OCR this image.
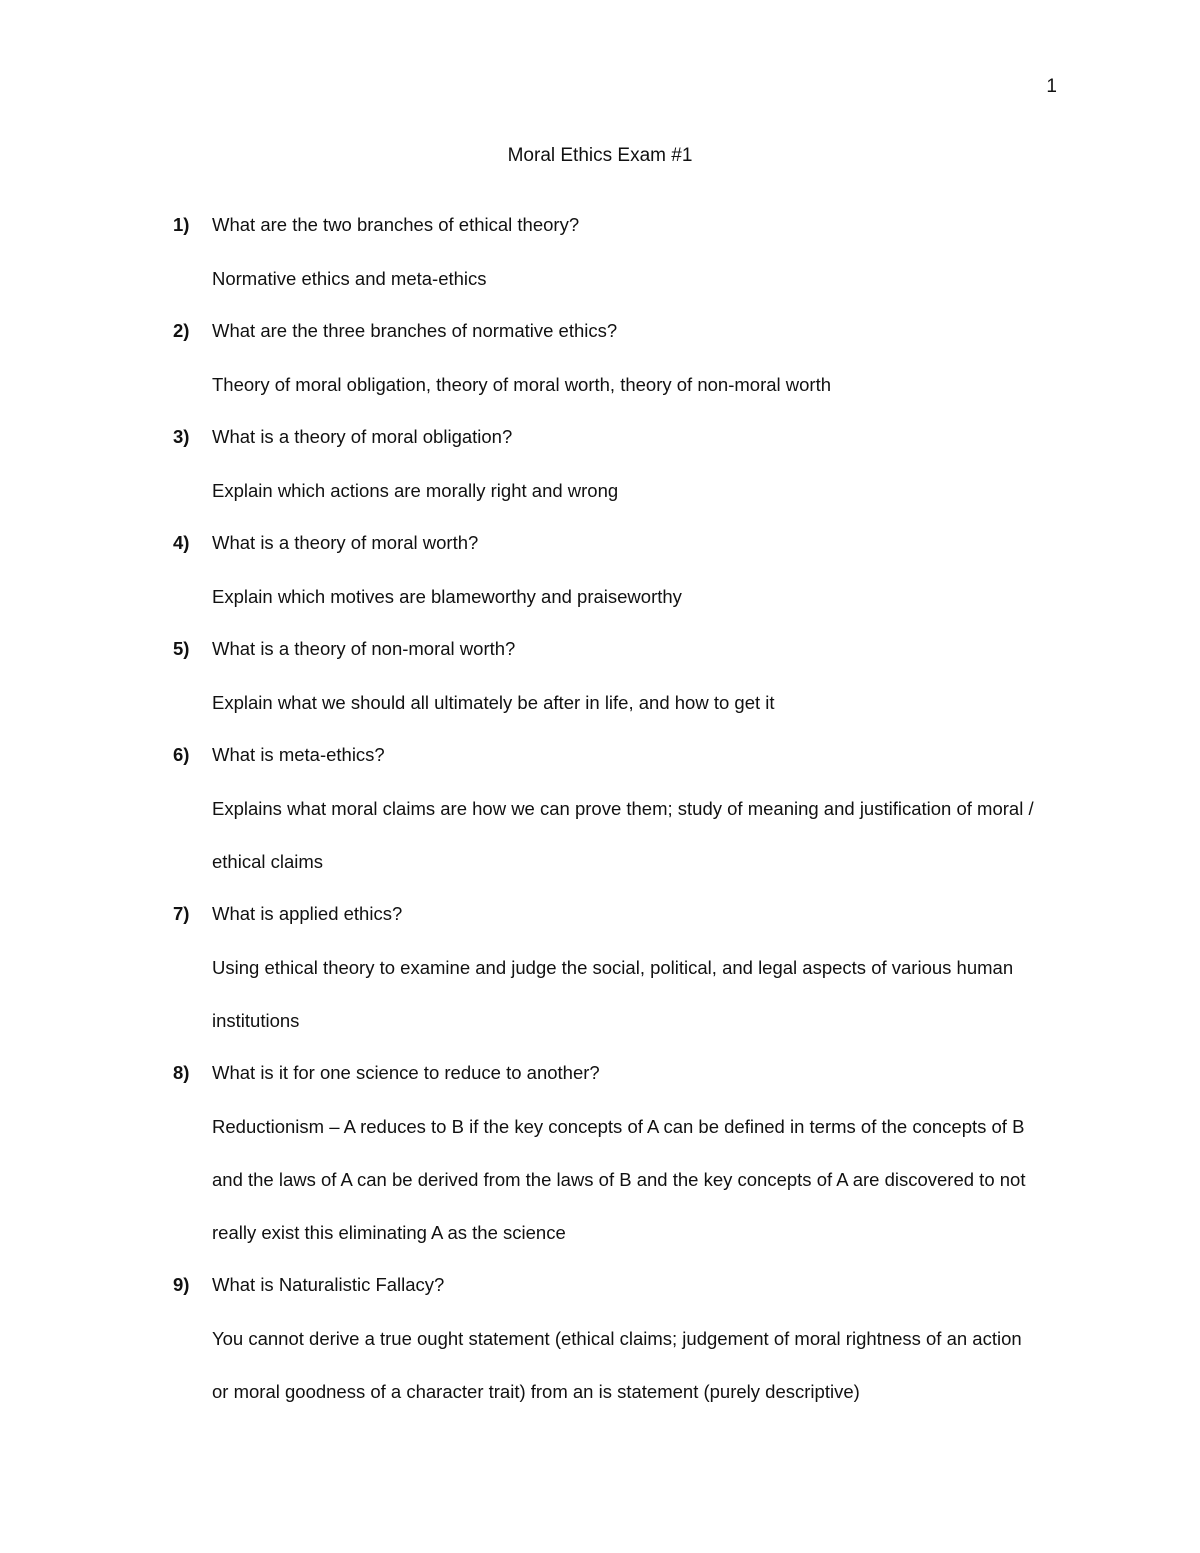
1
Moral Ethics Exam #1
1) What are the two branches of ethical theory?
Normative ethics and meta-ethics
2) What are the three branches of normative ethics?
Theory of moral obligation, theory of moral worth, theory of non-moral worth
3) What is a theory of moral obligation?
Explain which actions are morally right and wrong
4) What is a theory of moral worth?
Explain which motives are blameworthy and praiseworthy
5) What is a theory of non-moral worth?
Explain what we should all ultimately be after in life, and how to get it
6) What is meta-ethics?
Explains what moral claims are how we can prove them; study of meaning and justification of moral / ethical claims
7) What is applied ethics?
Using ethical theory to examine and judge the social, political, and legal aspects of various human institutions
8) What is it for one science to reduce to another?
Reductionism – A reduces to B if the key concepts of A can be defined in terms of the concepts of B and the laws of A can be derived from the laws of B and the key concepts of A are discovered to not really exist this eliminating A as the science
9) What is Naturalistic Fallacy?
You cannot derive a true ought statement (ethical claims; judgement of moral rightness of an action or moral goodness of a character trait) from an is statement (purely descriptive)
